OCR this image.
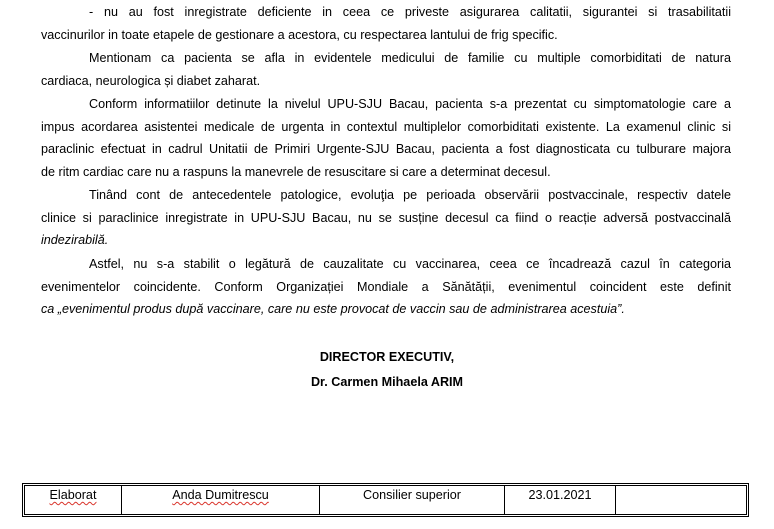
- nu au fost inregistrate deficiente in ceea ce priveste asigurarea calitatii, sigurantei si trasabilitatii
vaccinurilor in toate etapele de gestionare a acestora, cu respectarea lantului de frig specific.

Mentionam ca pacienta se afla in evidentele medicului de familie cu multiple comorbiditati de natura
cardiaca, neurologica și diabet zaharat.

Conform informatiilor detinute la nivelul UPU-SJU Bacau, pacienta s-a prezentat cu simptomatologie care a
impus acordarea asistentei medicale de urgenta in contextul multiplelor comorbiditati existente. La examenul clinic si
paraclinic efectuat in cadrul Unitatii de Primiri Urgente-SJU Bacau, pacienta a fost diagnosticata cu tulburare majora
de ritm cardiac care nu a raspuns la manevrele de resuscitare si care a determinat decesul.

Tinând cont de antecedentele patologice, evoluţia pe perioada observării postvaccinale, respectiv datele
clinice si paraclinice inregistrate in UPU-SJU Bacau, nu se susține decesul ca fiind o reacție adversă postvaccinală
indezirabilă.

Astfel, nu s-a stabilit o legătură de cauzalitate cu vaccinarea, ceea ce încadrează cazul în categoria
evenimentelor coincidente. Conform Organizației Mondiale a Sănătății, evenimentul coincident este definit
ca „evenimentul produs după vaccinare, care nu este provocat de vaccin sau de administrarea acestuia”.

DIRECTOR EXECUTIV,
Dr. Carmen Mihaela ARIM
Elaborat	Anda Dumitrescu	Consilier superior	23.01.2021	
